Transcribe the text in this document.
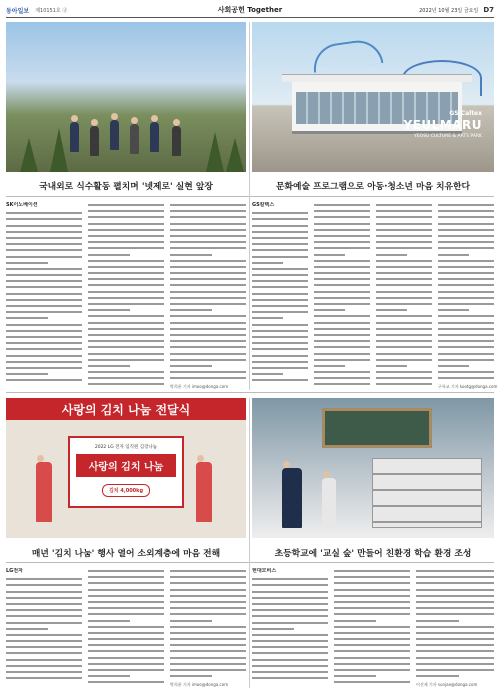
동아일보 제10151호 ⓓ	사회공헌 Together	2022년 10월 23일 금요일 D7
GS Caltex
YEULMARU
YEOSU CULTURE & ARTS PARK
국내외로 식수활동 펼치며 '넷제로' 실현 앞장	문화예술 프로그램으로 아동·청소년 마음 치유한다
SK이노베이션
박희윤 기자 imoo@donga.com
GS칼텍스
구특교 기자 kootg@donga.com
사랑의 김치 나눔 전달식
2022 LG 전자 임직원 김장나눔
사랑의 김치 나눔
김치 4,000kg
매년 '김치 나눔' 행사 열어 소외계층에 마음 전해	초등학교에 '교실 숲' 만들어 친환경 학습 환경 조성
LG전자
박희윤 기자 imoo@donga.com
현대모비스
이션제 기자 sunjae@donga.com
